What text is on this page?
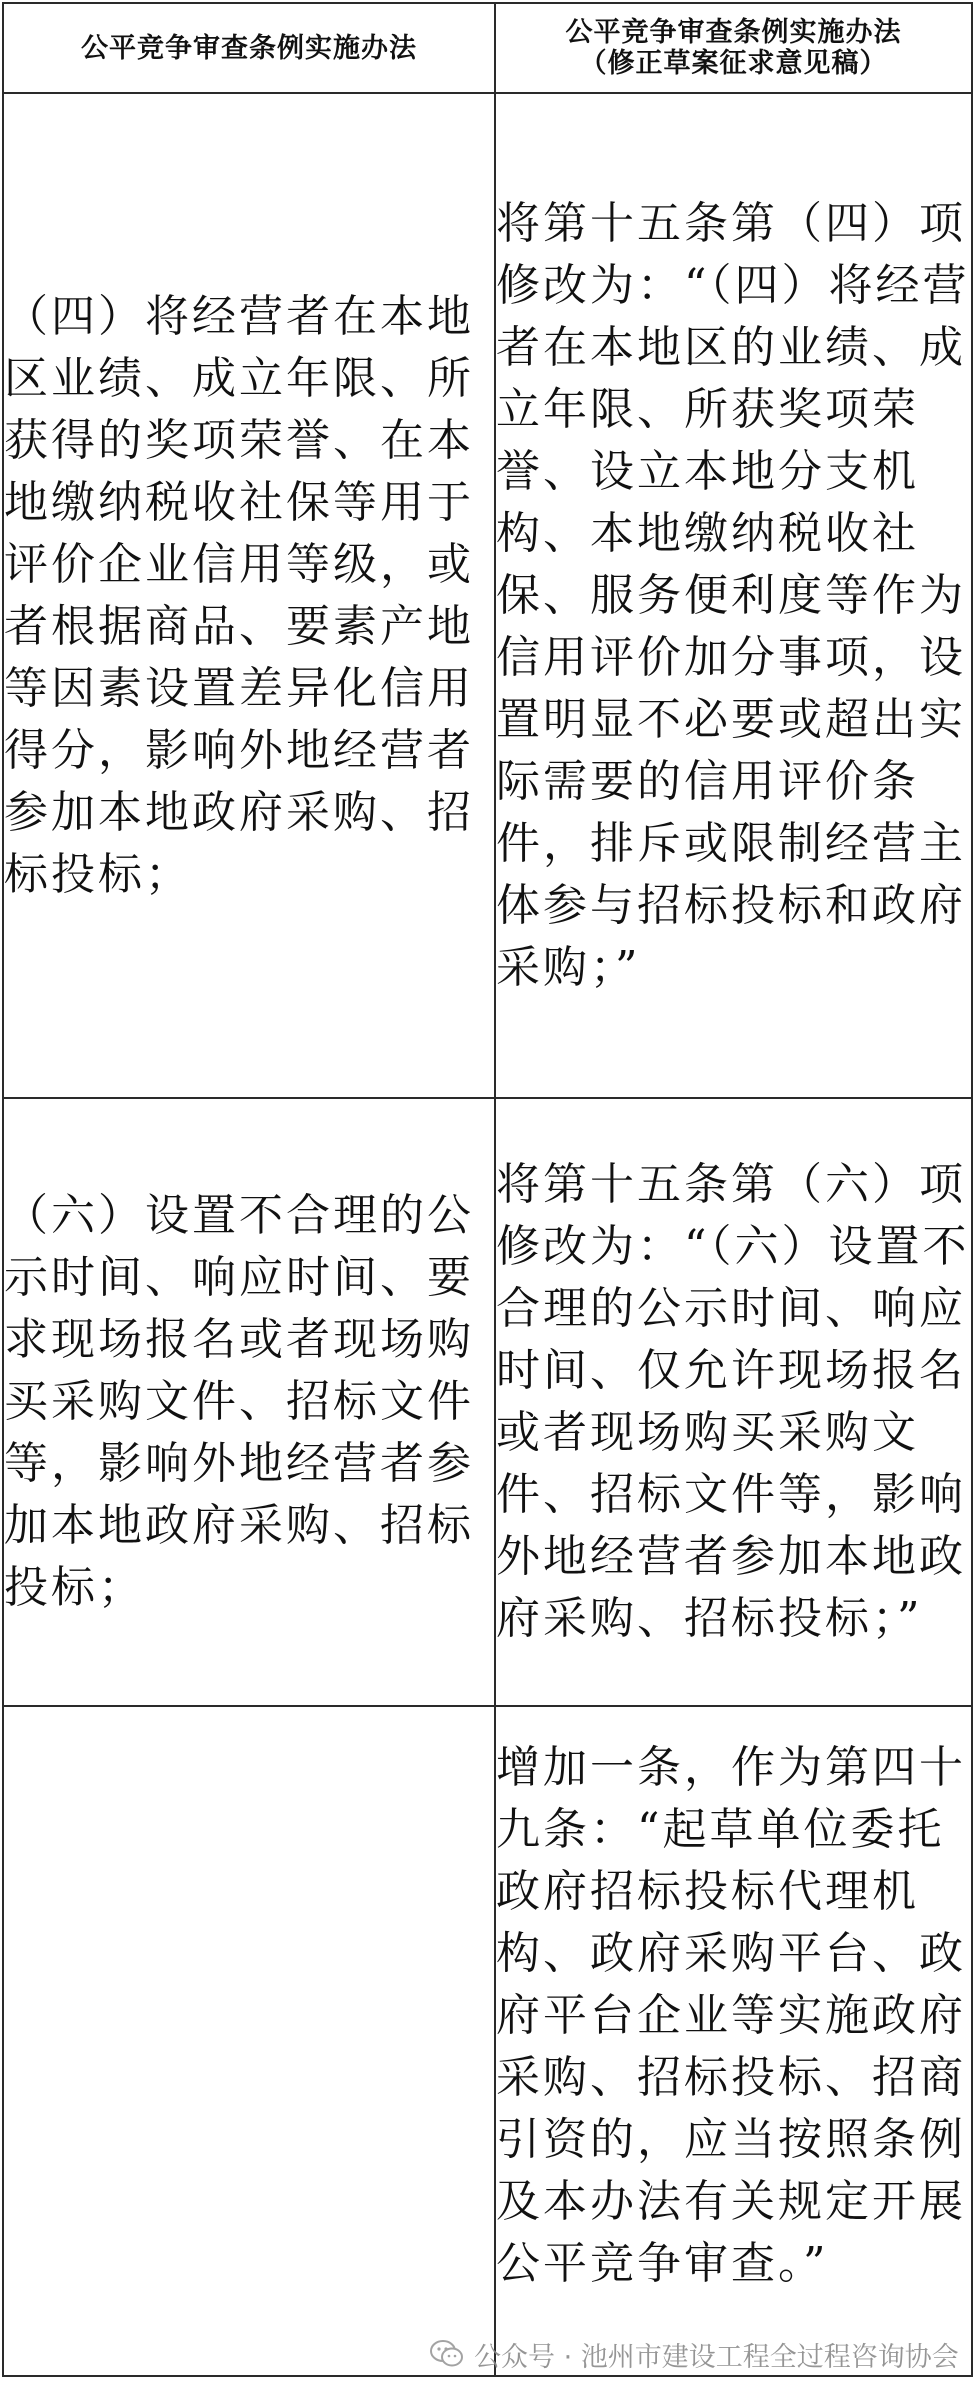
公平竞争审查条例实施办法	公平竞争审查条例实施办法
（修正草案征求意见稿）

（四）将经营者在本地区业绩、成立年限、所获得的奖项荣誉、在本地缴纳税收社保等用于评价企业信用等级，或者根据商品、要素产地等因素设置差异化信用得分，影响外地经营者参加本地政府采购、招标投标；	将第十五条第（四）项修改为：“（四）将经营者在本地区的业绩、成立年限、所获奖项荣誉、设立本地分支机构、本地缴纳税收社保、服务便利度等作为信用评价加分事项，设置明显不必要或超出实际需要的信用评价条件，排斥或限制经营主体参与招标投标和政府采购；”
（六）设置不合理的公示时间、响应时间、要求现场报名或者现场购买采购文件、招标文件等，影响外地经营者参加本地政府采购、招标投标；	将第十五条第（六）项修改为：“（六）设置不合理的公示时间、响应时间、仅允许现场报名或者现场购买采购文件、招标文件等，影响外地经营者参加本地政府采购、招标投标；”
	增加一条，作为第四十九条：“起草单位委托政府招标投标代理机构、政府采购平台、政府平台企业等实施政府采购、招标投标、招商引资的，应当按照条例及本办法有关规定开展公平竞争审查。”
公众号 · 池州市建设工程全过程咨询协会
